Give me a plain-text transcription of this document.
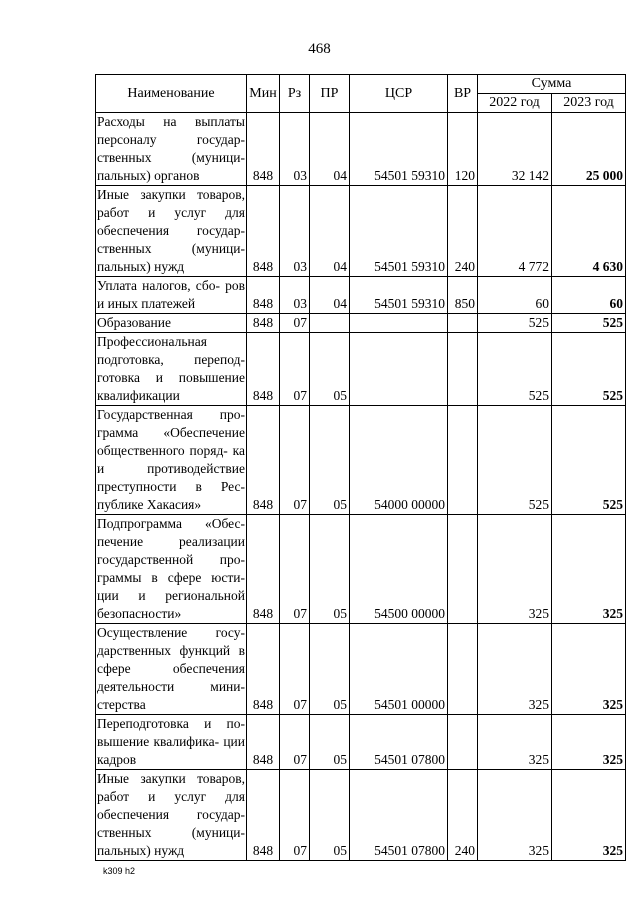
468
Наименование	Мин	Рз	ПР	ЦСР	ВР	Сумма	
						2022 год	2023 год
Расходы на выплаты персоналу государ- ственных (муници- пальных) органов	848	03	04	54501 59310	120	32 142	25 000
Иные закупки товаров, работ и услуг для обеспечения государ- ственных (муници- пальных) нужд	848	03	04	54501 59310	240	4 772	4 630
Уплата налогов, сбо- ров и иных платежей	848	03	04	54501 59310	850	60	60
Образование	848	07				525	525
Профессиональная подготовка, перепод- готовка и повышение квалификации	848	07	05			525	525
Государственная про- грамма «Обеспечение общественного поряд- ка и противодействие преступности в Рес- публике Хакасия»	848	07	05	54000 00000		525	525
Подпрограмма «Обес- печение реализации государственной про- граммы в сфере юсти- ции и региональной безопасности»	848	07	05	54500 00000		325	325
Осуществление госу- дарственных функций в сфере обеспечения деятельности мини- стерства	848	07	05	54501 00000		325	325
Переподготовка и по- вышение квалифика- ции кадров	848	07	05	54501 07800		325	325
Иные закупки товаров, работ и услуг для обеспечения государ- ственных (муници- пальных) нужд	848	07	05	54501 07800	240	325	325
k309 h2
